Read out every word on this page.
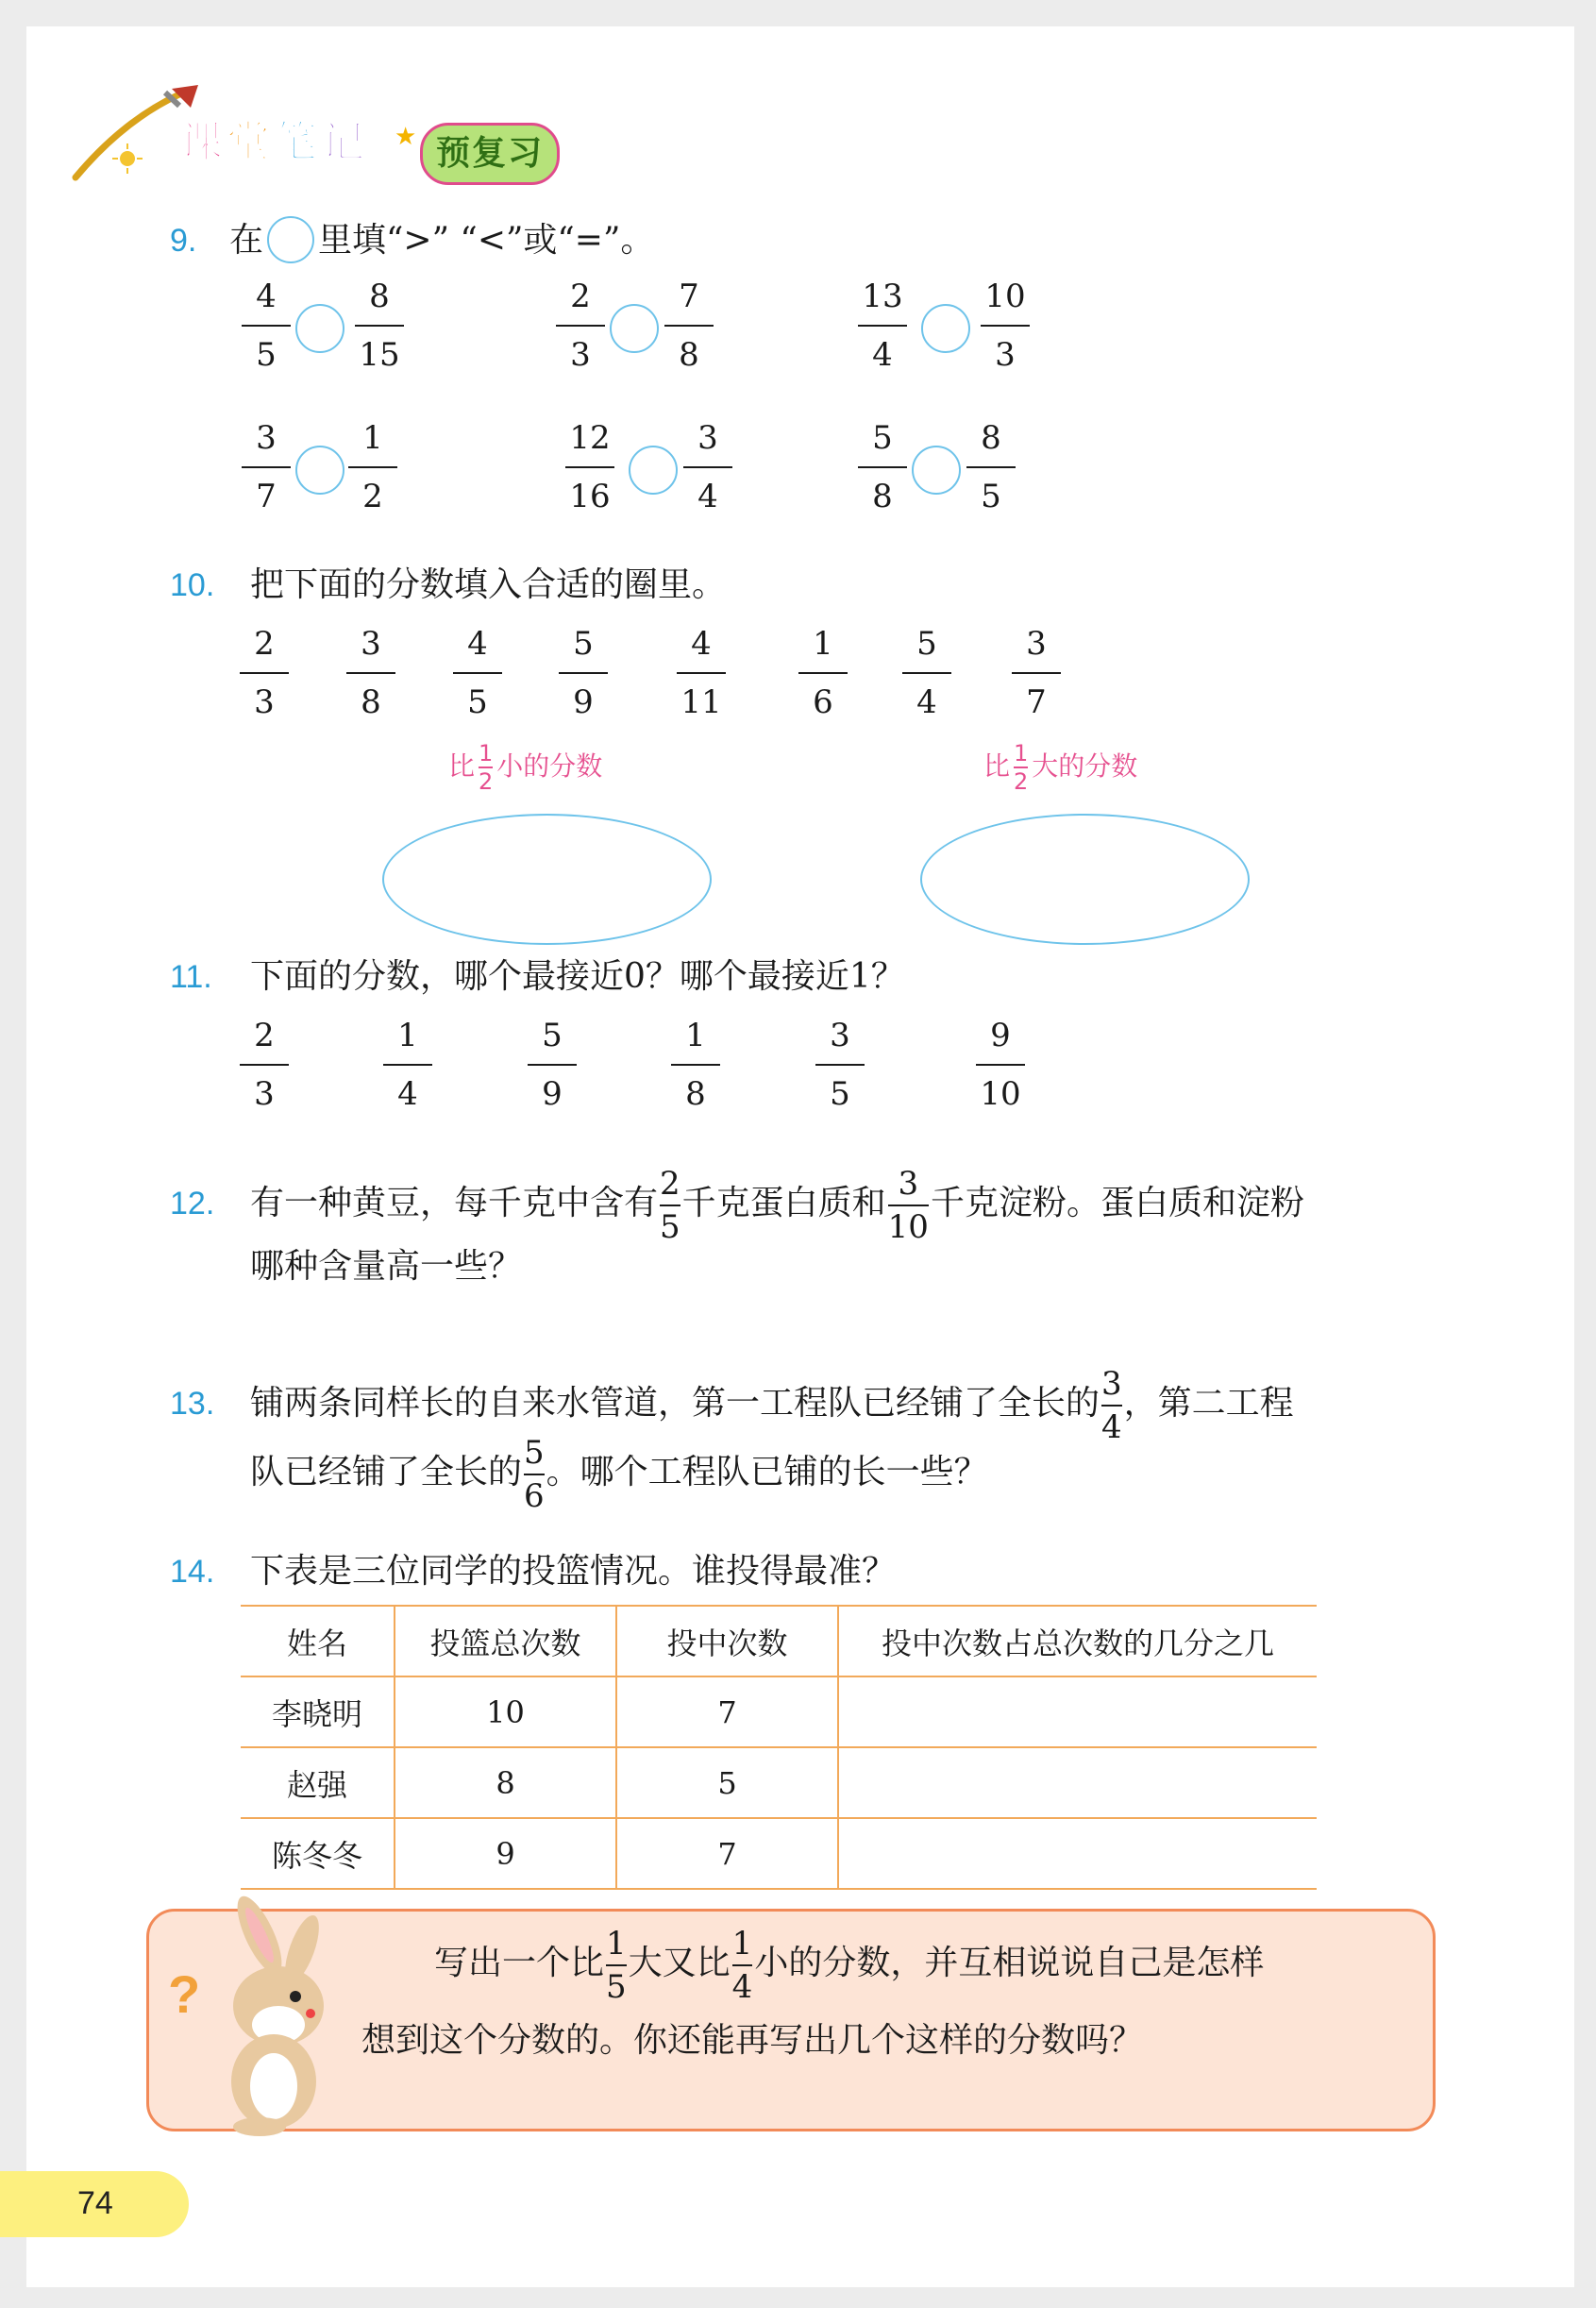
课 堂 笔 记 ★ 预复习
9. 在 里填“>” “<”或“=”。
4
5
8
15
2
3
7
8
13
4
10
3
3
7
1
2
12
16
3
4
5
8
8
5
10. 把下面的分数填入合适的圈里。
2
3
3
8
4
5
5
9
4
11
1
6
5
4
3
7
比 $\frac{1}{2}$ 小的分数	比 $\frac{1}{2}$ 大的分数
11. 下面的分数，哪个最接近0？哪个最接近1？
2
3
1
4
5
9
1
8
3
5
9
10
12. 有一种黄豆，每千克中含有 $\frac{2}{5}$ 千克蛋白质和 $\frac{3}{10}$ 千克淀粉。蛋白质和淀粉
哪种含量高一些？
13. 铺两条同样长的自来水管道，第一工程队已经铺了全长的 $\frac{3}{4}$ ，第二工程
队已经铺了全长的 $\frac{5}{6}$ 。哪个工程队已铺的长一些？
14. 下表是三位同学的投篮情况。谁投得最准？
姓名	投篮总次数	投中次数	投中次数占总次数的几分之几
李晓明	10	7	
赵强	8	5	
陈冬冬	9	7	
?
写出一个比 $\frac{1}{5}$ 大又比 $\frac{1}{4}$ 小的分数，并互相说说自己是怎样
想到这个分数的。你还能再写出几个这样的分数吗？
74
